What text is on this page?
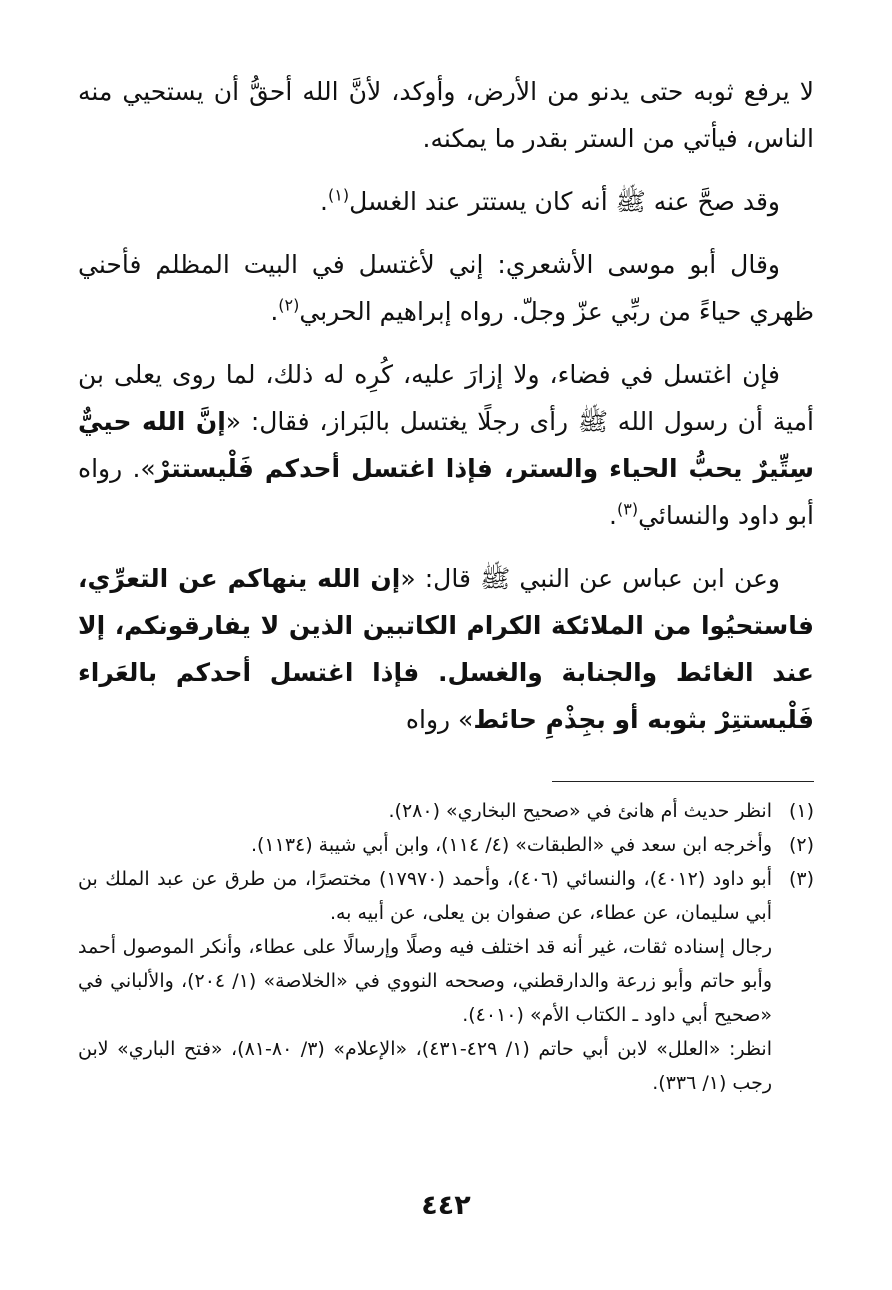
لا يرفع ثوبه حتى يدنو من الأرض، وأوكد، لأنَّ الله أحقُّ أن يستحيي منه الناس، فيأتي من الستر بقدر ما يمكنه.

وقد صحَّ عنه ﷺ أنه كان يستتر عند الغسل$^{(١)}$.

وقال أبو موسى الأشعري: إني لأغتسل في البيت المظلم فأحني ظهري حياءً من ربِّي عزّ وجلّ. رواه إبراهيم الحربي$^{(٢)}$.

فإن اغتسل في فضاء، ولا إزارَ عليه، كُرِه له ذلك، لما روى يعلى بن أمية أن رسول الله ﷺ رأى رجلًا يغتسل بالبَراز، فقال: «إنَّ الله حييٌّ سِتِّيرٌ يحبُّ الحياء والستر، فإذا اغتسل أحدكم فَلْيستترْ». رواه أبو داود والنسائي$^{(٣)}$.

وعن ابن عباس عن النبي ﷺ قال: «إن الله ينهاكم عن التعرِّي، فاستحيُوا من الملائكة الكرام الكاتبين الذين لا يفارقونكم، إلا عند الغائط والجنابة والغسل. فإذا اغتسل أحدكم بالعَراء فَلْيستتِرْ بثوبه أو بجِذْمِ حائط» رواه

(١)

انظر حديث أم هانئ في «صحيح البخاري» (٢٨٠).

(٢)

وأخرجه ابن سعد في «الطبقات» (٤/ ١١٤)، وابن أبي شيبة (١١٣٤).

(٣)

أبو داود (٤٠١٢)، والنسائي (٤٠٦)، وأحمد (١٧٩٧٠) مختصرًا، من طرق عن عبد الملك بن أبي سليمان، عن عطاء، عن صفوان بن يعلى، عن أبيه به.

رجال إسناده ثقات، غير أنه قد اختلف فيه وصلًا وإرسالًا على عطاء، وأنكر الموصول أحمد وأبو حاتم وأبو زرعة والدارقطني، وصححه النووي في «الخلاصة» (١/ ٢٠٤)، والألباني في «صحيح أبي داود ـ الكتاب الأم» (٤٠١٠).

انظر: «العلل» لابن أبي حاتم (١/ ٤٢٩-٤٣١)، «الإعلام» (٣/ ٨٠-٨١)، «فتح الباري» لابن رجب (١/ ٣٣٦).

٤٤٢
